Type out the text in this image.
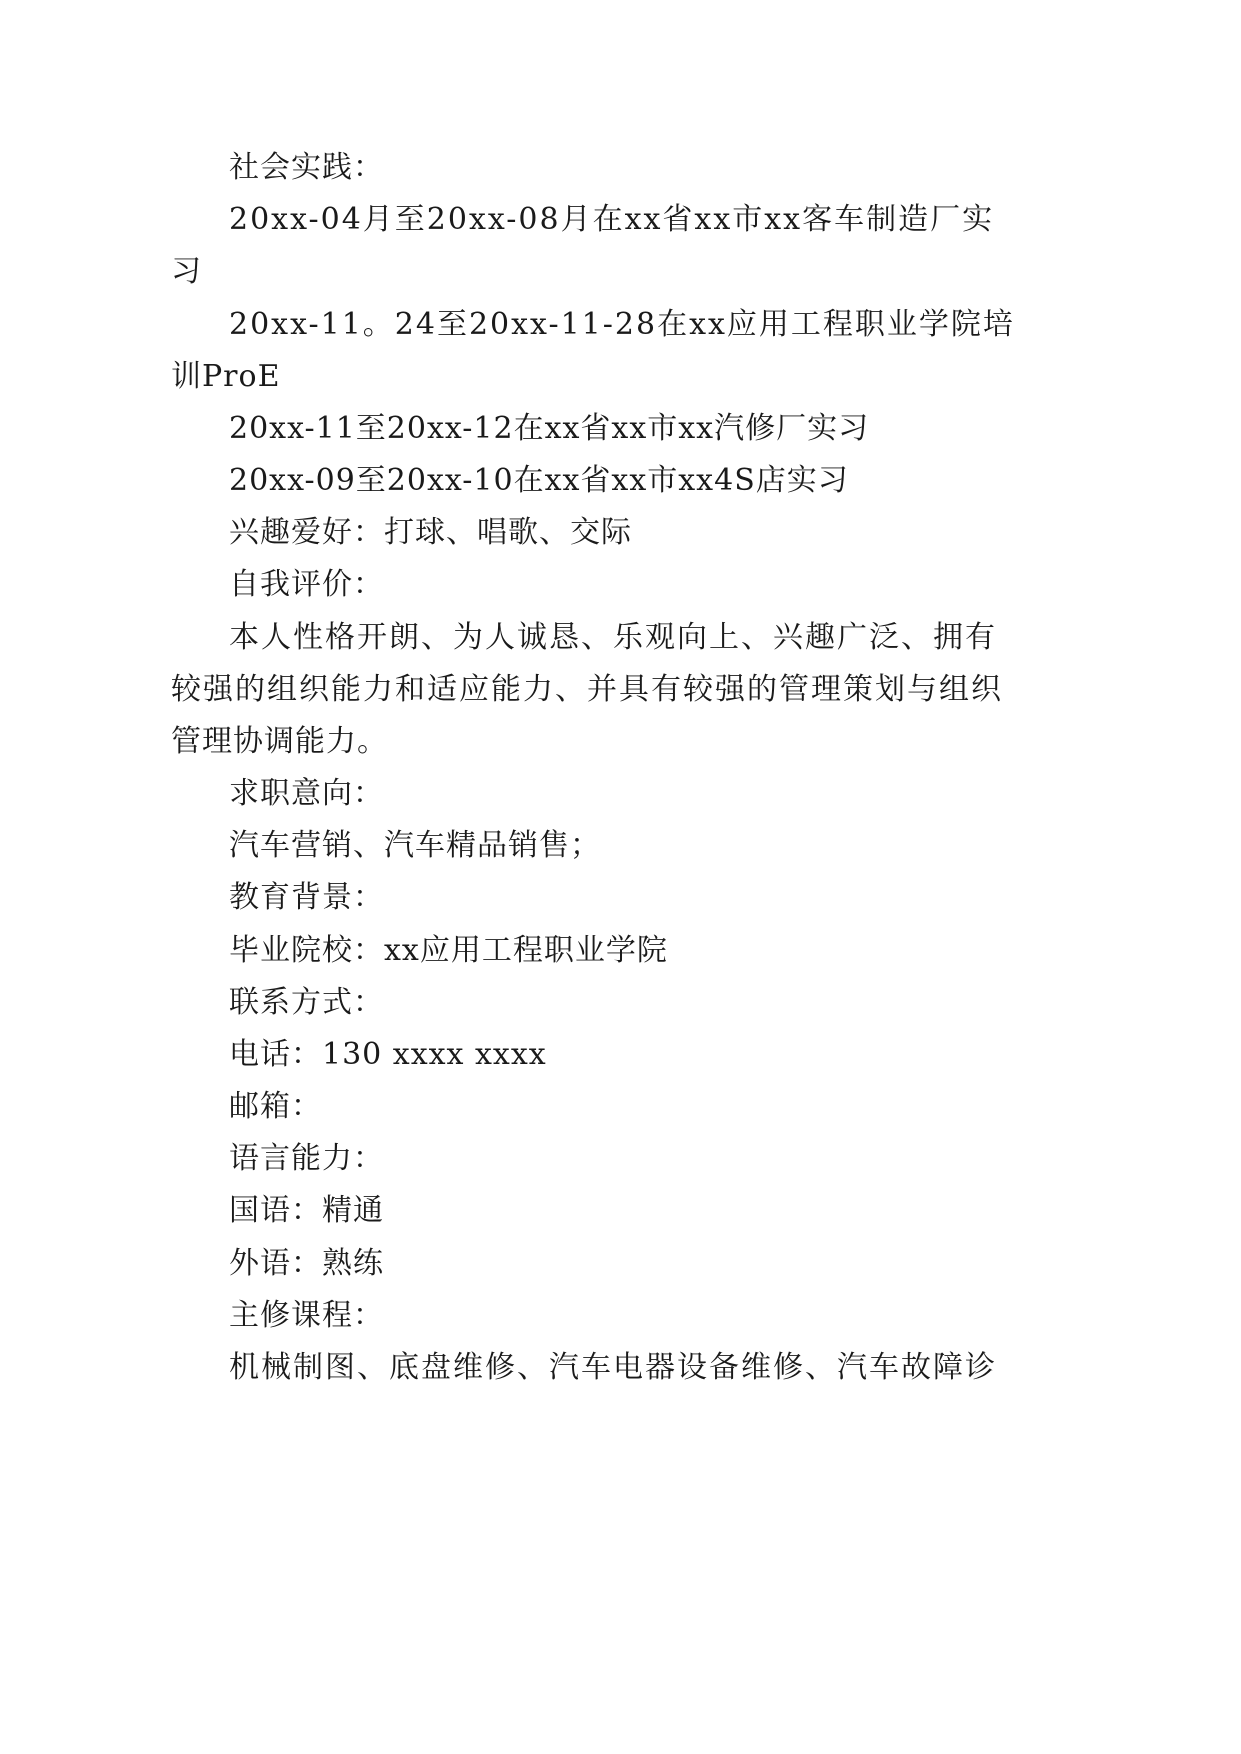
社会实践：
20xx-04月至20xx-08月在xx省xx市xx客车制造厂实
习
20xx-11。24至20xx-11-28在xx应用工程职业学院培
训ProE
20xx-11至20xx-12在xx省xx市xx汽修厂实习
20xx-09至20xx-10在xx省xx市xx4S店实习
兴趣爱好：打球、唱歌、交际
自我评价：
本人性格开朗、为人诚恳、乐观向上、兴趣广泛、拥有
较强的组织能力和适应能力、并具有较强的管理策划与组织
管理协调能力。
求职意向：
汽车营销、汽车精品销售；
教育背景：
毕业院校：xx应用工程职业学院
联系方式：
电话：130 xxxx xxxx
邮箱：
语言能力：
国语：精通
外语：熟练
主修课程：
机械制图、底盘维修、汽车电器设备维修、汽车故障诊
